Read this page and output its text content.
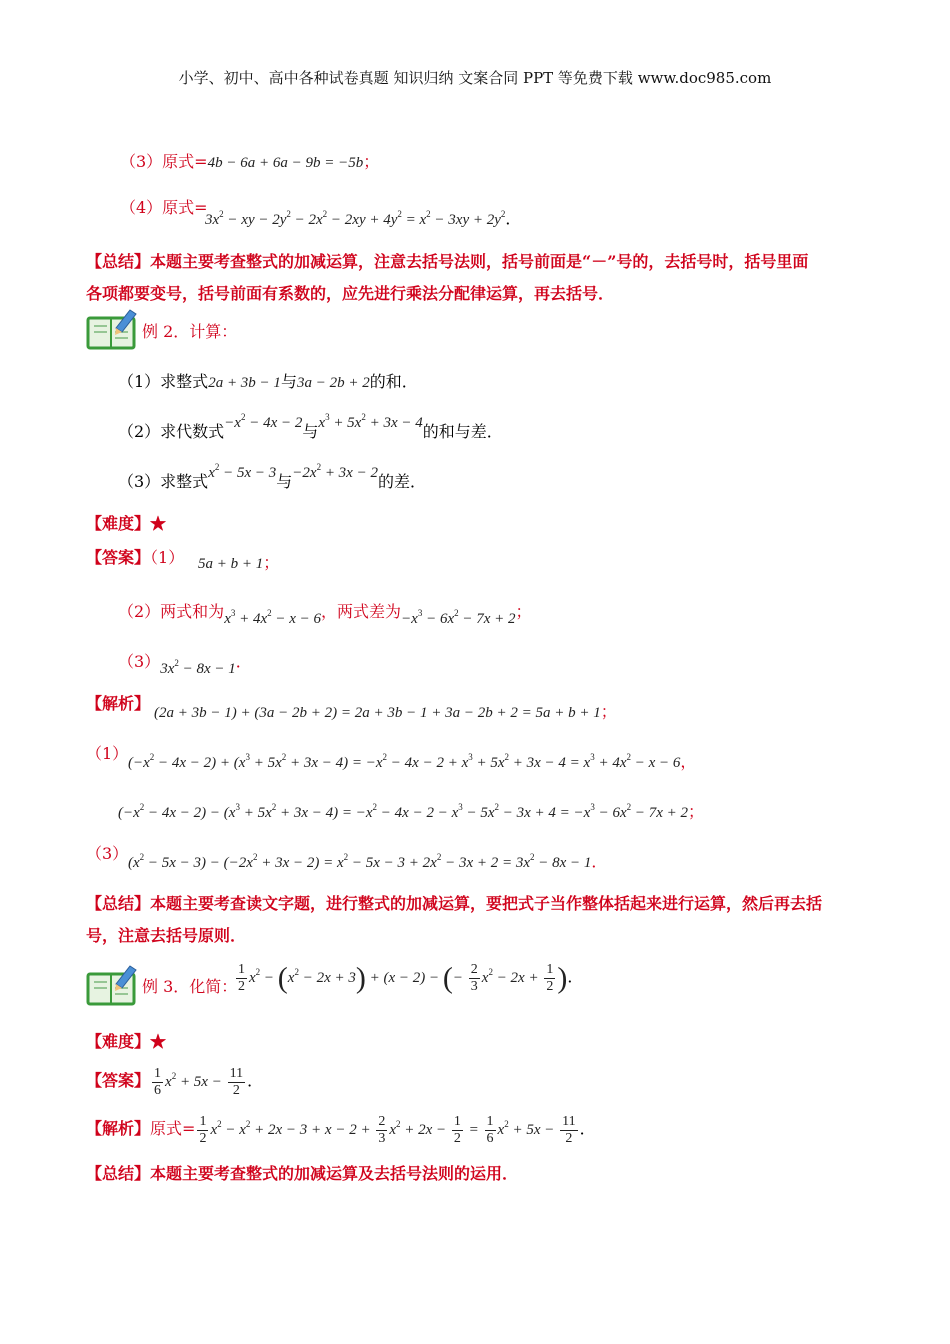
小学、初中、高中各种试卷真题 知识归纳 文案合同 PPT 等免费下载 www.doc985.com
（3）原式=4b − 6a + 6a − 9b = −5b；
（4）原式=
$3x^2$ − xy − $2y^2 - 2x^2 - 2xy + 4y^2 = x^2 - 3xy + 2y^2$．
【总结】本题主要考查整式的加减运算，注意去括号法则，括号前面是“－”号的，去括号时，括号里面
各项都要变号，括号前面有系数的，应先进行乘法分配律运算，再去括号．
例 2．计算：
（1）求整式2a + 3b − 1与3a − 2b + 2的和．
（2）求代数式$-x^2 - 4x - 2$与$x^3 + 5x^2 + 3x - 4$的和与差．
（3）求整式$x^2 - 5x - 3$与$-2x^2 + 3x - 2$的差．
【难度】★
【答案】（1） 5a + b + 1；
（2）两式和为$x^3 + 4x^2 - x - 6$，两式差为$-x^3 - 6x^2 - 7x + 2$；
$(3)3x^2 - 8x - 1$．
【解析】 (2a + 3b − 1) + (3a − 2b + 2) = 2a + 3b − 1 + 3a − 2b + 2 = 5a + b + 1；
（1） $(-x^2 - 4x - 2) + (x^3 + 5x^2 + 3x - 4) = -x^2 - 4x - 2 + x^3 + 5x^2 + 3x - 4 = x^3 + 4x^2 - x - 6$，
$(-x^2 - 4x - 2) - (x^3 + 5x^2 + 3x - 4) = -x^2 - 4x - 2 - x^3 - 5x^2 - 3x + 4 = -x^3 - 6x^2 - 7x + 2$；
（3） $(x^2 - 5x - 3) - (-2x^2 + 3x - 2) = x^2 - 5x - 3 + 2x^2 - 3x + 2 = 3x^2 - 8x - 1$．
【总结】本题主要考查读文字题，进行整式的加减运算，要把式子当作整体括起来进行运算，然后再去括
号，注意去括号原则．
例 3．化简：
$\frac{1}{2} x^2 - (x^2 - 2x + 3) + (x - 2)$ − (− $\frac{2}{3} x^2 - 2x + \frac{1}{2}$ )．
【难度】★
【答案】 $\frac{1}{6} x^2 + 5x - \frac{11}{2}$ ．
【解析】原式= $\frac{1}{2} x^2 - x^2 + 2x - 3 + x - 2 + \frac{2}{3} x^2 + 2x - \frac{1}{2} = \frac{1}{6} x^2 + 5x - \frac{11}{2}$ ．
【总结】本题主要考查整式的加减运算及去括号法则的运用．
